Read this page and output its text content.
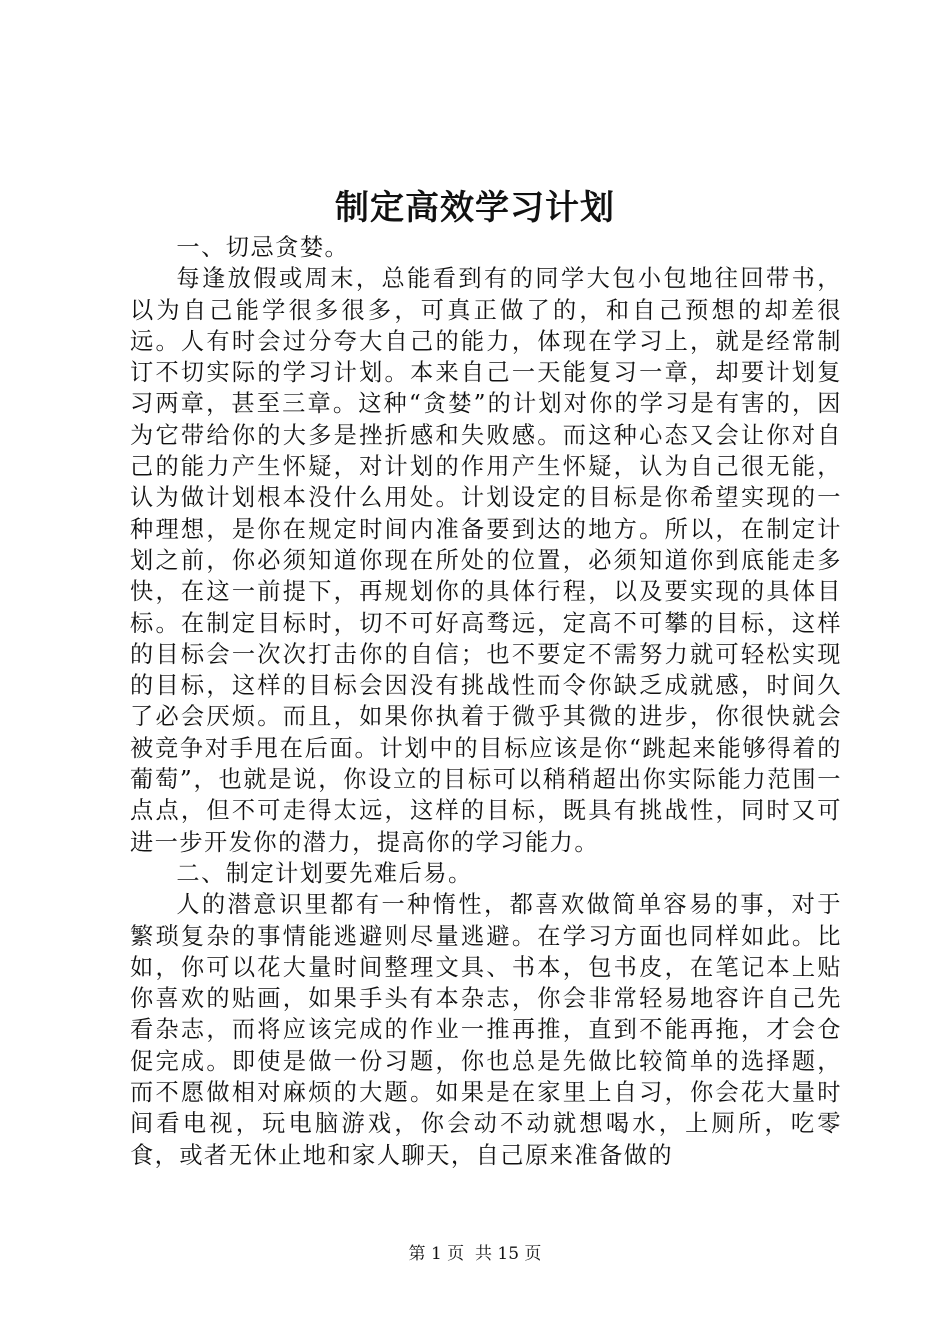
制定高效学习计划

一、切忌贪婪。

每逢放假或周末，总能看到有的同学大包小包地往回带书，以为自己能学很多很多，可真正做了的，和自己预想的却差很远。人有时会过分夸大自己的能力，体现在学习上，就是经常制订不切实际的学习计划。本来自己一天能复习一章，却要计划复习两章，甚至三章。这种“贪婪”的计划对你的学习是有害的，因为它带给你的大多是挫折感和失败感。而这种心态又会让你对自己的能力产生怀疑，对计划的作用产生怀疑，认为自己很无能，认为做计划根本没什么用处。计划设定的目标是你希望实现的一种理想，是你在规定时间内准备要到达的地方。所以，在制定计划之前，你必须知道你现在所处的位置，必须知道你到底能走多快，在这一前提下，再规划你的具体行程，以及要实现的具体目标。在制定目标时，切不可好高骛远，定高不可攀的目标，这样的目标会一次次打击你的自信；也不要定不需努力就可轻松实现的目标，这样的目标会因没有挑战性而令你缺乏成就感，时间久了必会厌烦。而且，如果你执着于微乎其微的进步，你很快就会被竞争对手甩在后面。计划中的目标应该是你“跳起来能够得着的葡萄”，也就是说，你设立的目标可以稍稍超出你实际能力范围一点点，但不可走得太远，这样的目标，既具有挑战性，同时又可进一步开发你的潜力，提高你的学习能力。

二、制定计划要先难后易。

人的潜意识里都有一种惰性，都喜欢做简单容易的事，对于繁琐复杂的事情能逃避则尽量逃避。在学习方面也同样如此。比如，你可以花大量时间整理文具、书本，包书皮，在笔记本上贴你喜欢的贴画，如果手头有本杂志，你会非常轻易地容许自己先看杂志，而将应该完成的作业一推再推，直到不能再拖，才会仓促完成。即使是做一份习题，你也总是先做比较简单的选择题，而不愿做相对麻烦的大题。如果是在家里上自习，你会花大量时间看电视，玩电脑游戏，你会动不动就想喝水，上厕所，吃零食，或者无休止地和家人聊天，自己原来准备做的

第 1 页 共 15 页
